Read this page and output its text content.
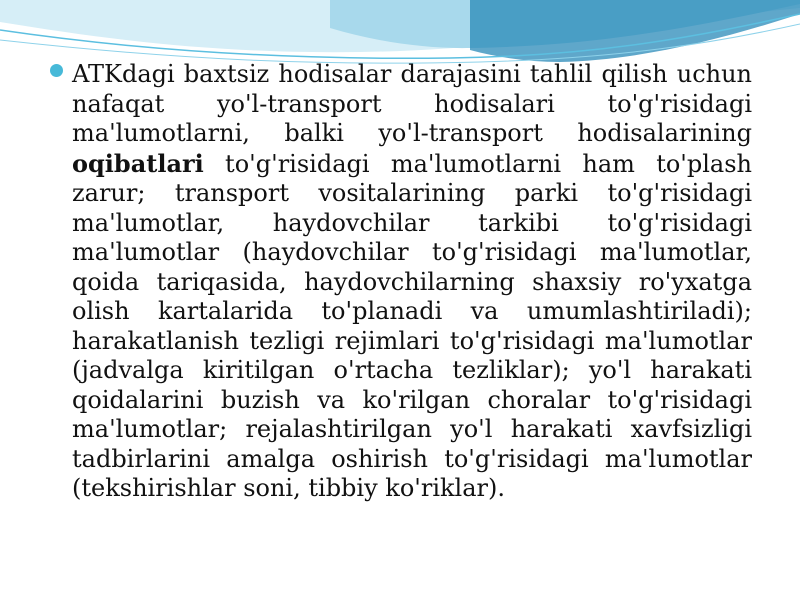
ATKdagi baxtsiz hodisalar darajasini tahlil qilish uchun nafaqat yo'l-transport hodisalari to'g'risidagi ma'lumotlarni, balki yo'l-transport hodisalarining oqibatlari to'g'risidagi ma'lumotlarni ham to'plash zarur; transport vositalarining parki to'g'risidagi ma'lumotlar, haydovchilar tarkibi to'g'risidagi ma'lumotlar (haydovchilar to'g'risidagi ma'lumotlar, qoida tariqasida, haydovchilarning shaxsiy ro'yxatga olish kartalarida to'planadi va umumlashtiriladi); harakatlanish tezligi rejimlari to'g'risidagi ma'lumotlar (jadvalga kiritilgan o'rtacha tezliklar); yo'l harakati qoidalarini buzish va ko'rilgan choralar to'g'risidagi ma'lumotlar; rejalashtirilgan yo'l harakati xavfsizligi tadbirlarini amalga oshirish to'g'risidagi ma'lumotlar (tekshirishlar soni, tibbiy ko'riklar).
